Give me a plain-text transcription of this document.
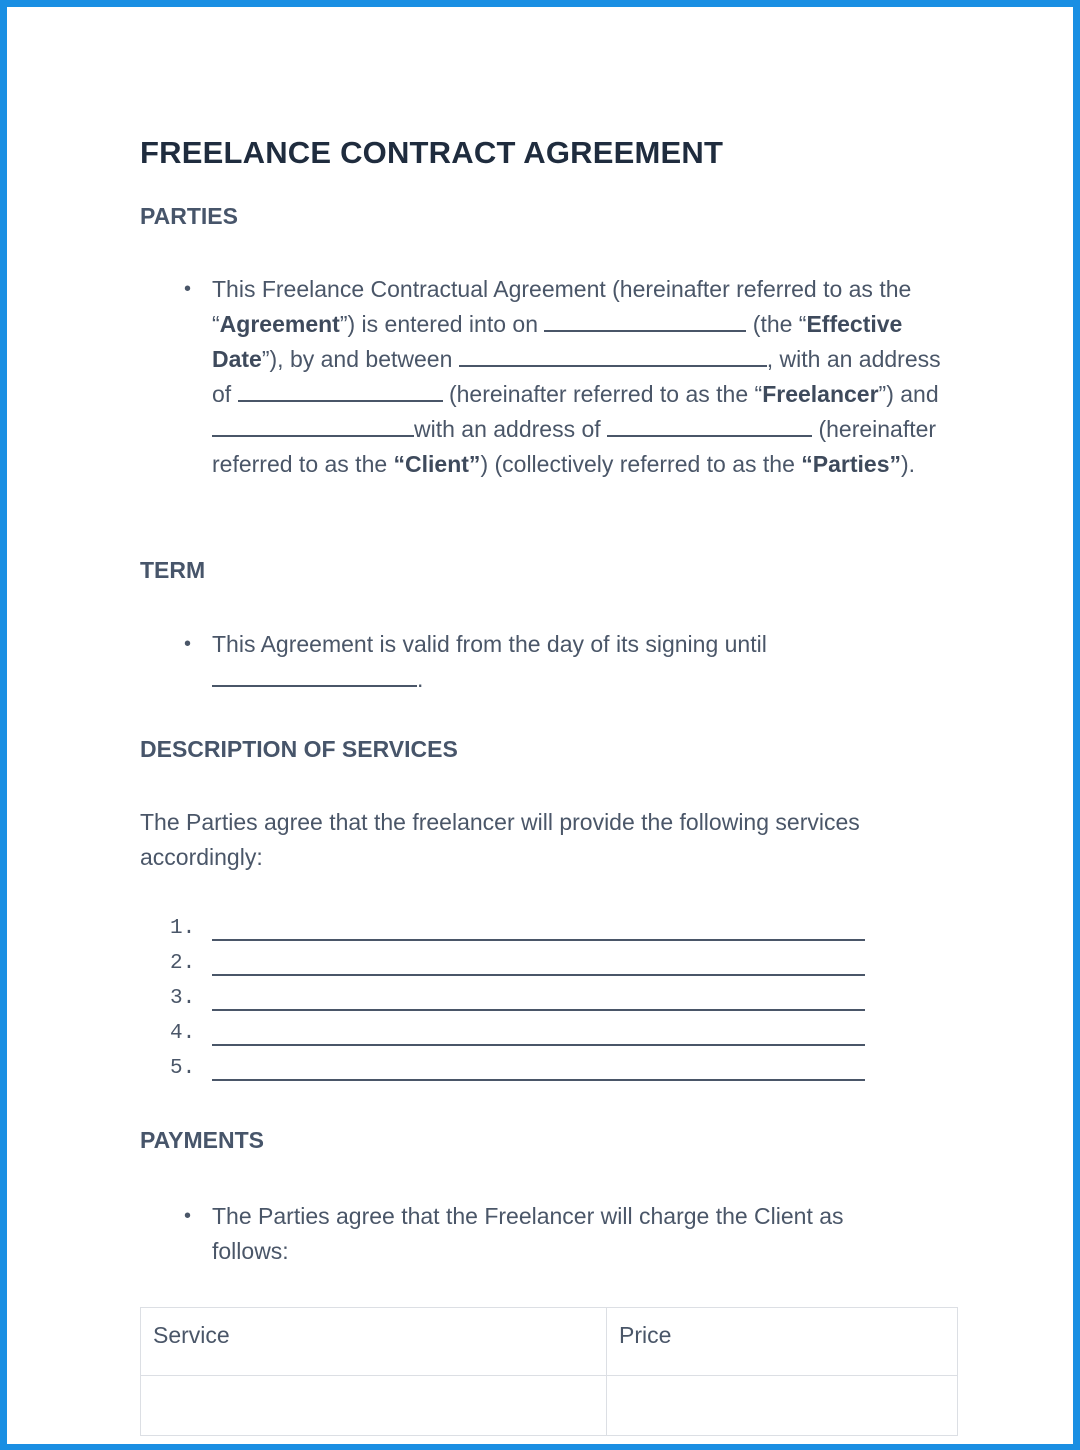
FREELANCE CONTRACT AGREEMENT
PARTIES
• This Freelance Contractual Agreement (hereinafter referred to as the “Agreement”) is entered into on	(the “Effective Date”), by and between	, with an address of	(hereinafter referred to as the “Freelancer”) and with an address of	(hereinafter referred to as the “Client”) (collectively referred to as the “Parties”).

TERM
• This Agreement is valid from the day of its signing until .

DESCRIPTION OF SERVICES

The Parties agree that the freelancer will provide the following services accordingly:

1.
2.
3.
4.
5.
PAYMENTS
• The Parties agree that the Freelancer will charge the Client as follows:

Service	Price
